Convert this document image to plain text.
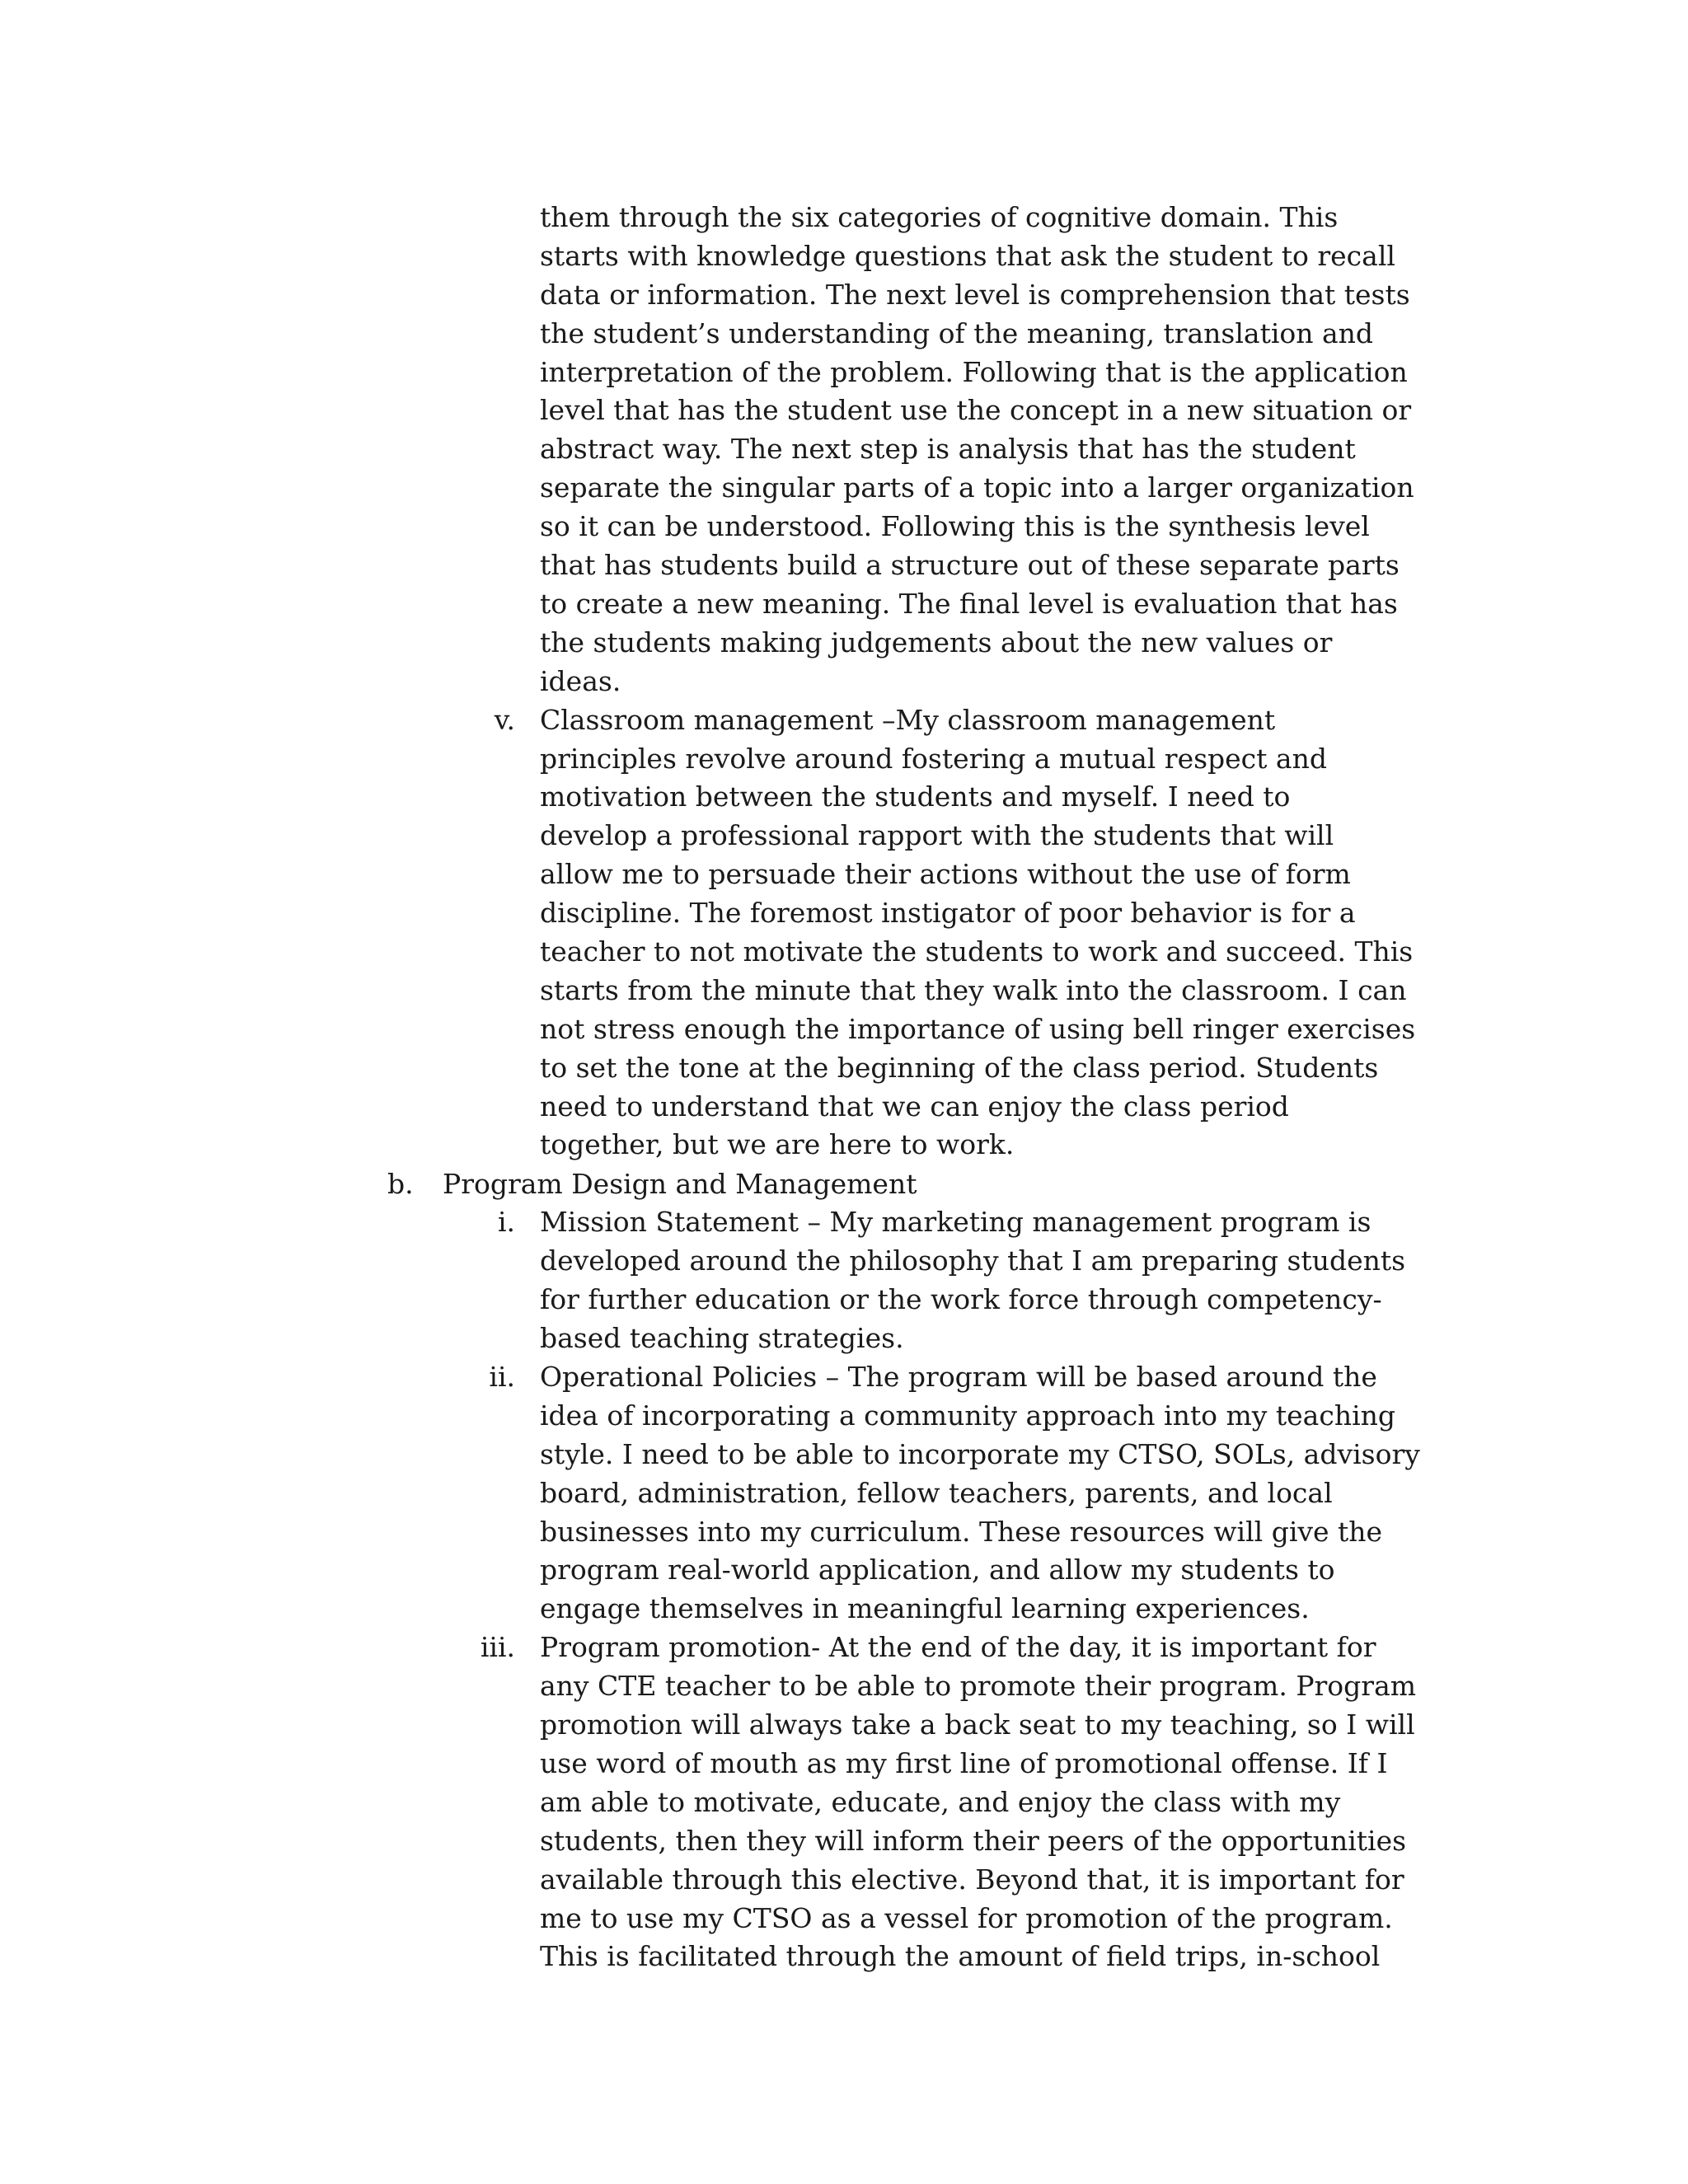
them through the six categories of cognitive domain. This
starts with knowledge questions that ask the student to recall
data or information. The next level is comprehension that tests
the student’s understanding of the meaning, translation and
interpretation of the problem. Following that is the application
level that has the student use the concept in a new situation or
abstract way. The next step is analysis that has the student
separate the singular parts of a topic into a larger organization
so it can be understood. Following this is the synthesis level
that has students build a structure out of these separate parts
to create a new meaning. The final level is evaluation that has
the students making judgements about the new values or
ideas.
v. Classroom management –My classroom management
principles revolve around fostering a mutual respect and
motivation between the students and myself. I need to
develop a professional rapport with the students that will
allow me to persuade their actions without the use of form
discipline. The foremost instigator of poor behavior is for a
teacher to not motivate the students to work and succeed. This
starts from the minute that they walk into the classroom. I can
not stress enough the importance of using bell ringer exercises
to set the tone at the beginning of the class period. Students
need to understand that we can enjoy the class period
together, but we are here to work.
b.	Program Design and Management
i. Mission Statement – My marketing management program is
developed around the philosophy that I am preparing students
for further education or the work force through competency-
based teaching strategies.
ii. Operational Policies – The program will be based around the
idea of incorporating a community approach into my teaching
style. I need to be able to incorporate my CTSO, SOLs, advisory
board, administration, fellow teachers, parents, and local
businesses into my curriculum. These resources will give the
program real-world application, and allow my students to
engage themselves in meaningful learning experiences.
iii. Program promotion- At the end of the day, it is important for
any CTE teacher to be able to promote their program. Program
promotion will always take a back seat to my teaching, so I will
use word of mouth as my first line of promotional offense. If I
am able to motivate, educate, and enjoy the class with my
students, then they will inform their peers of the opportunities
available through this elective. Beyond that, it is important for
me to use my CTSO as a vessel for promotion of the program.
This is facilitated through the amount of field trips, in-school
